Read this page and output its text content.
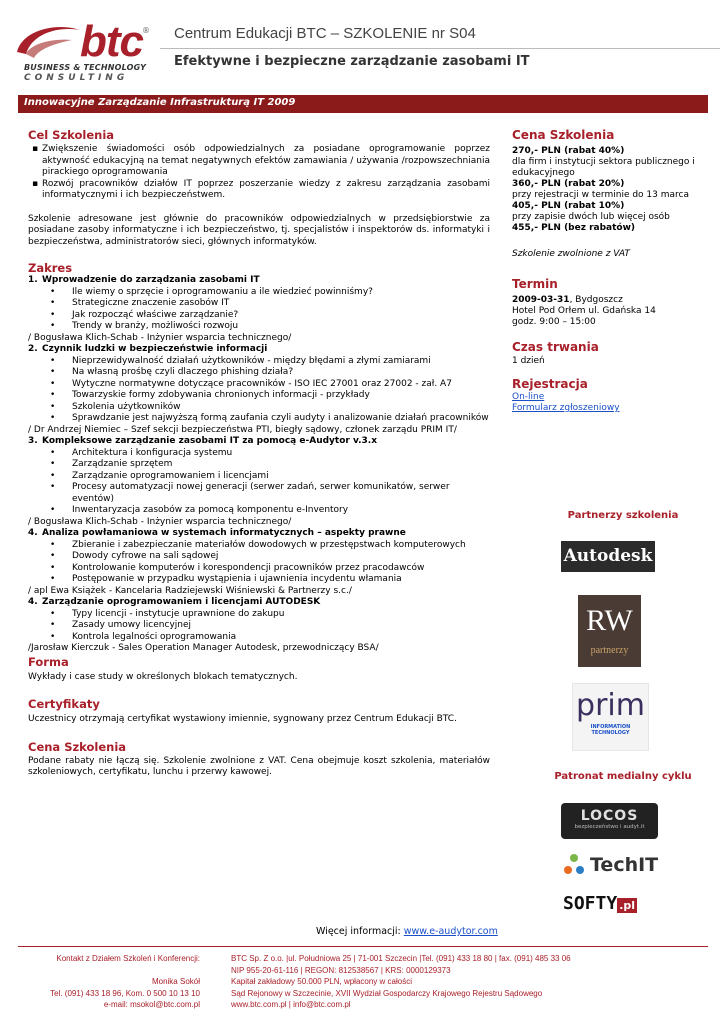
btc ®
BUSINESS & TECHNOLOGY
CONSULTING
Centrum Edukacji BTC – SZKOLENIE nr S04
Efektywne i bezpieczne zarządzanie zasobami IT
Innowacyjne Zarządzanie Infrastrukturą IT 2009

Cel Szkolenia

▪ Zwiększenie świadomości osób odpowiedzialnych za posiadane oprogramowanie poprzez aktywność edukacyjną na temat negatywnych efektów zamawiania / używania /rozpowszechniania pirackiego oprogramowania
▪ Rozwój pracowników działów IT poprzez poszerzanie wiedzy z zakresu zarządzania zasobami informatycznymi i ich bezpieczeństwem.

Szkolenie adresowane jest głównie do pracowników odpowiedzialnych w przedsiębiorstwie za posiadane zasoby informatyczne i ich bezpieczeństwo, tj. specjalistów i inspektorów ds. informatyki i bezpieczeństwa, administratorów sieci, głównych informatyków.

Zakres

1. Wprowadzenie do zarządzania zasobami IT

• Ile wiemy o sprzęcie i oprogramowaniu a ile wiedzieć powinniśmy?
• Strategiczne znaczenie zasobów IT
• Jak rozpocząć właściwe zarządzanie?
• Trendy w branży, możliwości rozwoju

/ Bogusława Klich-Schab - Inżynier wsparcia technicznego/

2. Czynnik ludzki w bezpieczeństwie informacji

• Nieprzewidywalność działań użytkowników - między błędami a złymi zamiarami
• Na własną prośbę czyli dlaczego phishing działa?
• Wytyczne normatywne dotyczące pracowników - ISO IEC 27001 oraz 27002 - zał. A7
• Towarzyskie formy zdobywania chronionych informacji - przykłady
• Szkolenia użytkowników
• Sprawdzanie jest najwyższą formą zaufania czyli audyty i analizowanie działań pracowników

/ Dr Andrzej Niemiec – Szef sekcji bezpieczeństwa PTI, biegły sądowy, członek zarządu PRIM IT/

3. Kompleksowe zarządzanie zasobami IT za pomocą e-Audytor v.3.x

• Architektura i konfiguracja systemu
• Zarządzanie sprzętem
• Zarządzanie oprogramowaniem i licencjami
• Procesy automatyzacji nowej generacji (serwer zadań, serwer komunikatów, serwer eventów)
• Inwentaryzacja zasobów za pomocą komponentu e-Inventory

/ Bogusława Klich-Schab - Inżynier wsparcia technicznego/

4. Analiza powłamaniowa w systemach informatycznych – aspekty prawne

• Zbieranie i zabezpieczanie materiałów dowodowych w przestępstwach komputerowych
• Dowody cyfrowe na sali sądowej
• Kontrolowanie komputerów i korespondencji pracowników przez pracodawców
• Postępowanie w przypadku wystąpienia i ujawnienia incydentu włamania

/ apl Ewa Książek - Kancelaria Radziejewski Wiśniewski & Partnerzy s.c./

4. Zarządzanie oprogramowaniem i licencjami AUTODESK

• Typy licencji - instytucje uprawnione do zakupu
• Zasady umowy licencyjnej
• Kontrola legalności oprogramowania

/Jarosław Kierczuk - Sales Operation Manager Autodesk, przewodniczący BSA/

Forma

Wykłady i case study w określonych blokach tematycznych.

Certyfikaty

Uczestnicy otrzymają certyfikat wystawiony imiennie, sygnowany przez Centrum Edukacji BTC.

Cena Szkolenia

Podane rabaty nie łączą się. Szkolenie zwolnione z VAT. Cena obejmuje koszt szkolenia, materiałów szkoleniowych, certyfikatu, lunchu i przerwy kawowej.

Więcej informacji: www.e-audytor.com

Cena Szkolenia

270,- PLN (rabat 40%)
dla firm i instytucji sektora publicznego i edukacyjnego
360,- PLN (rabat 20%)
przy rejestracji w terminie do 13 marca
405,- PLN (rabat 10%)
przy zapisie dwóch lub więcej osób
455,- PLN (bez rabatów)
Szkolenie zwolnione z VAT

Termin

2009-03-31, Bydgoszcz
Hotel Pod Orłem ul. Gdańska 14
godz. 9:00 – 15:00

Czas trwania

1 dzień

Rejestracja

On-line
Formularz zgłoszeniowy
Partnerzy szkolenia
Autodesk
RW
partnerzy
prim
INFORMATION TECHNOLOGY
Patronat medialny cyklu
LOCOS
bezpieczeństwo i audyt.it
TechIT
SOFTY .pl
Kontakt z Działem Szkoleń i Konferencji:
Monika Sokół
Tel. (091) 433 18 96, Kom. 0 500 10 13 10
e-mail: msokol@btc.com.pl
BTC Sp. Z o.o. |ul. Południowa 25 | 71-001 Szczecin |Tel. (091) 433 18 80 | fax. (091) 485 33 06
NIP 955-20-61-116 | REGON: 812538567 | KRS: 0000129373
Kapitał zakładowy 50.000 PLN, wpłacony w całości
Sąd Rejonowy w Szczecinie, XVII Wydział Gospodarczy Krajowego Rejestru Sądowego
www.btc.com.pl | info@btc.com.pl
